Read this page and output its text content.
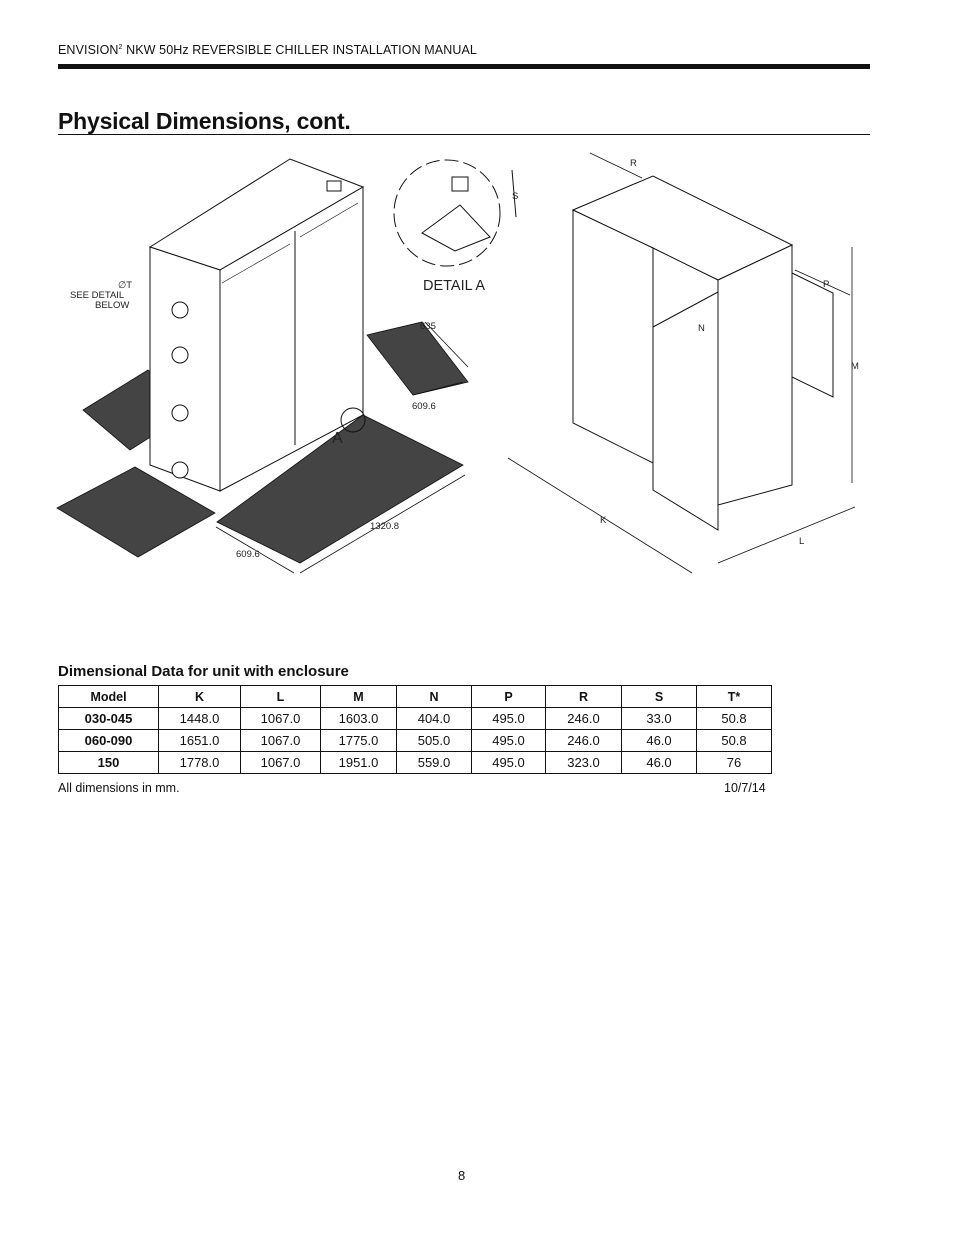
ENVISION$^2$ NKW 50Hz REVERSIBLE CHILLER INSTALLATION MANUAL
Physical Dimensions, cont.
∅T
SEE DETAIL
BELOW
DETAIL A
A
635
609.6
1320.8
609.6
R
S
P
N
M
K
L
Dimensional Data for unit with enclosure
Model	K	L	M	N	P	R	S	T*
030-045	1448.0	1067.0	1603.0	404.0	495.0	246.0	33.0	50.8
060-090	1651.0	1067.0	1775.0	505.0	495.0	246.0	46.0	50.8
150	1778.0	1067.0	1951.0	559.0	495.0	323.0	46.0	76
All dimensions in mm.	10/7/14
8
